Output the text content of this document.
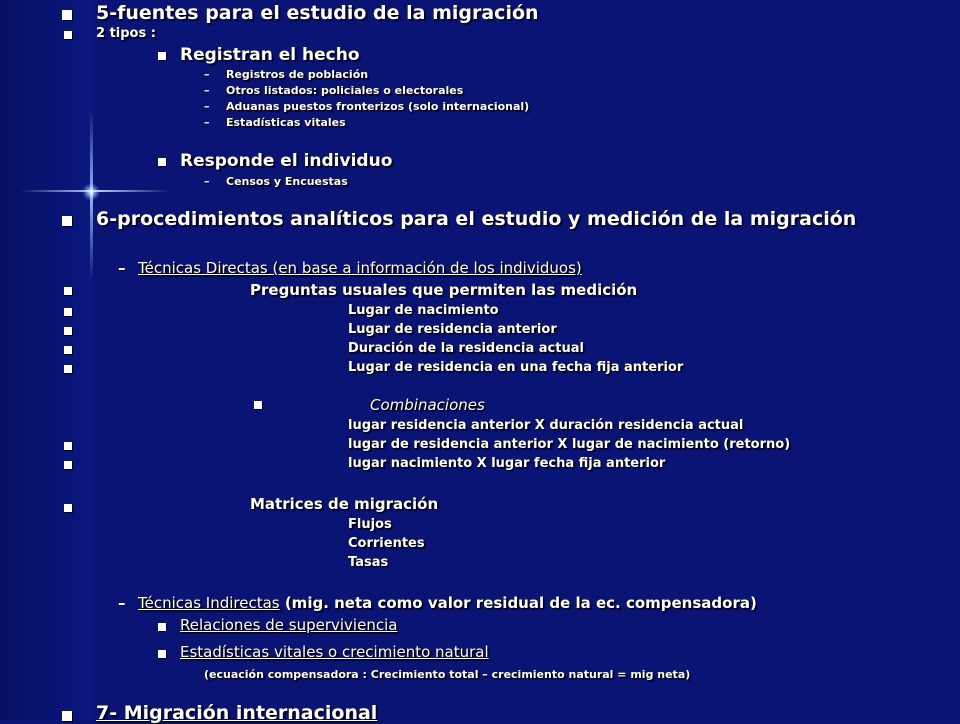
5-fuentes para el estudio de la migración
2 tipos :
Registran el hecho
– Registros de población
– Otros listados: policiales o electorales
– Aduanas puestos fronterizos (solo internacional)
– Estadísticas vitales
Responde el individuo
– Censos y Encuestas
6-procedimientos analíticos para el estudio y medición de la migración
– Técnicas Directas (en base a información de los individuos)
Preguntas usuales que permiten las medición
Lugar de nacimiento
Lugar de residencia anterior
Duración de la residencia actual
Lugar de residencia en una fecha fija anterior
Combinaciones
lugar residencia anterior X duración residencia actual
lugar de residencia anterior X lugar de nacimiento (retorno)
lugar nacimiento X lugar fecha fija anterior
Matrices de migración
Flujos
Corrientes
Tasas
– Técnicas Indirectas (mig. neta como valor residual de la ec. compensadora)
Relaciones de superviviencia
Estadísticas vitales o crecimiento natural
(ecuación compensadora : Crecimiento total – crecimiento natural = mig neta)
7- Migración internacional
